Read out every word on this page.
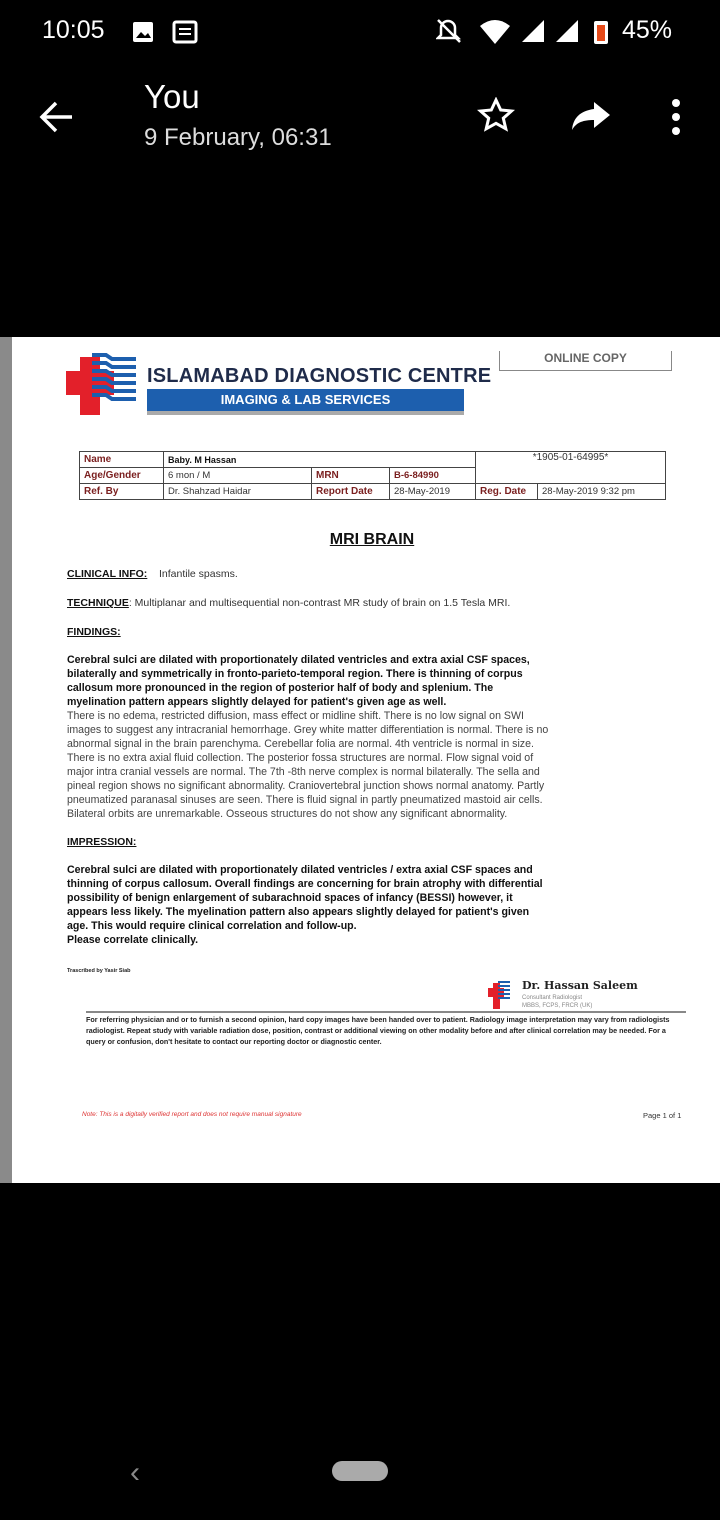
10:05	45%
You
9 February, 06:31
ISLAMABAD DIAGNOSTIC CENTRE
IMAGING & LAB SERVICES
ONLINE COPY
Name	Baby. M Hassan			*1905-01-64995*	
Age/Gender	6 mon / M	MRN	B-6-84990		
Ref. By	Dr. Shahzad Haidar	Report Date	28-May-2019	Reg. Date	28-May-2019 9:32 pm
MRI BRAIN
CLINICAL INFO: Infantile spasms.
TECHNIQUE: Multiplanar and multisequential non-contrast MR study of brain on 1.5 Tesla MRI.
FINDINGS:
Cerebral sulci are dilated with proportionately dilated ventricles and extra axial CSF spaces,
bilaterally and symmetrically in fronto-parieto-temporal region. There is thinning of corpus
callosum more pronounced in the region of posterior half of body and splenium. The
myelination pattern appears slightly delayed for patient's given age as well.
There is no edema, restricted diffusion, mass effect or midline shift. There is no low signal on SWI
images to suggest any intracranial hemorrhage. Grey white matter differentiation is normal. There is no
abnormal signal in the brain parenchyma. Cerebellar folia are normal. 4th ventricle is normal in size.
There is no extra axial fluid collection. The posterior fossa structures are normal. Flow signal void of
major intra cranial vessels are normal. The 7th -8th nerve complex is normal bilaterally. The sella and
pineal region shows no significant abnormality. Craniovertebral junction shows normal anatomy. Partly
pneumatized paranasal sinuses are seen. There is fluid signal in partly pneumatized mastoid air cells.
Bilateral orbits are unremarkable. Osseous structures do not show any significant abnormality.
IMPRESSION:
Cerebral sulci are dilated with proportionately dilated ventricles / extra axial CSF spaces and
thinning of corpus callosum. Overall findings are concerning for brain atrophy with differential
possibility of benign enlargement of subarachnoid spaces of infancy (BESSI) however, it
appears less likely. The myelination pattern also appears slightly delayed for patient's given
age. This would require clinical correlation and follow-up.
Please correlate clinically.
Trascribed by Yasir Siab
Dr. Hassan Saleem
Consultant Radiologist
MBBS, FCPS, FRCR (UK)
For referring physician and or to furnish a second opinion, hard copy images have been handed over to patient. Radiology image interpretation may vary from radiologists
radiologist. Repeat study with variable radiation dose, position, contrast or additional viewing on other modality before and after clinical correlation may be needed. For a
query or confusion, don't hesitate to contact our reporting doctor or diagnostic center.
Note: This is a digitally verified report and does not require manual signature	Page 1 of 1
‹
